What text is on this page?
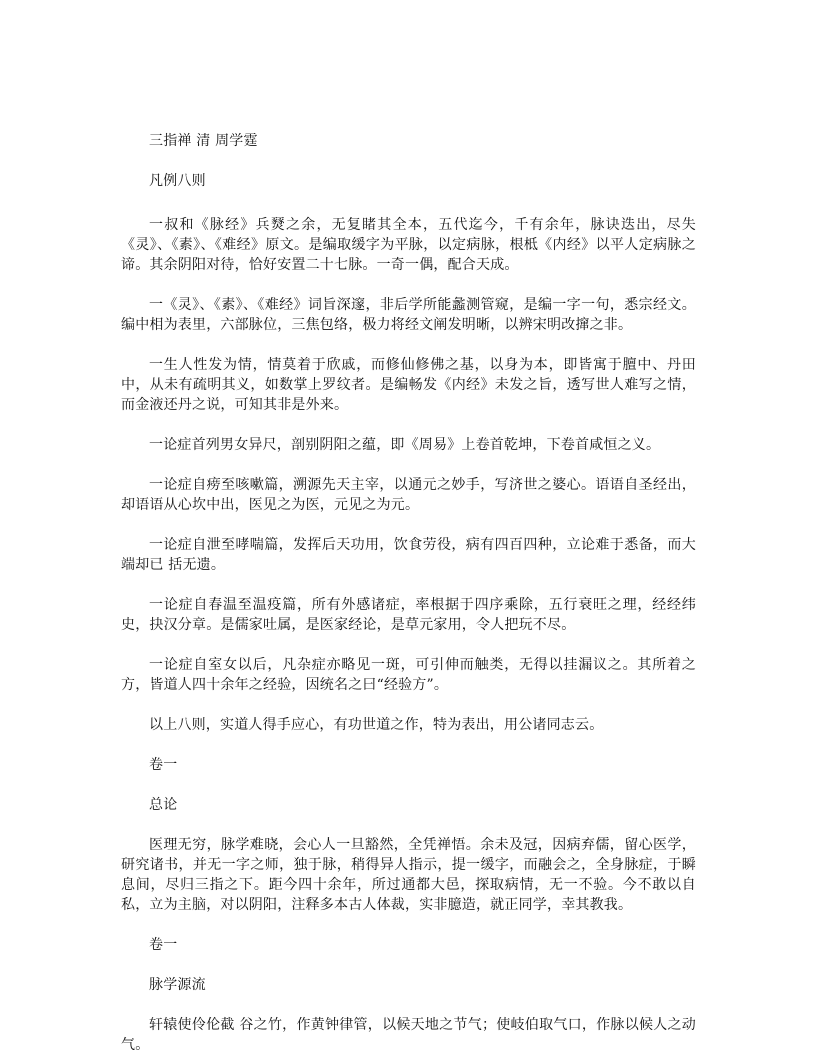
三指禅 清 周学霆

凡例八则

一叔和《脉经》兵燹之余，无复睹其全本，五代迄今，千有余年，脉诀迭出，尽失《灵》、《素》、《难经》原文。是编取缓字为平脉，以定病脉，根柢《内经》以平人定病脉之谛。其余阴阳对待，恰好安置二十七脉。一奇一偶，配合天成。

一《灵》、《素》、《难经》词旨深邃，非后学所能蠡测管窥，是编一字一句，悉宗经文。编中相为表里，六部脉位，三焦包络，极力将经文阐发明晰，以辨宋明改撺之非。

一生人性发为情，情莫着于欣戚，而修仙修佛之基，以身为本，即皆寓于膻中、丹田中，从未有疏明其义，如数掌上罗纹者。是编畅发《内经》未发之旨，透写世人难写之情，而金液还丹之说，可知其非是外来。

一论症首列男女异尺，剖别阴阳之蕴，即《周易》上卷首乾坤，下卷首咸恒之义。

一论症自痨至咳嗽篇，溯源先天主宰，以通元之妙手，写济世之婆心。语语自圣经出，却语语从心坎中出，医见之为医，元见之为元。

一论症自泄至哮喘篇，发挥后天功用，饮食劳役，病有四百四种，立论难于悉备，而大端却已 括无遗。

一论症自春温至温疫篇，所有外感诸症，率根据于四序乘除，五行衰旺之理，经经纬史，抉汉分章。是儒家吐属，是医家经论，是草元家用，令人把玩不尽。

一论症自室女以后，凡杂症亦略见一斑，可引伸而触类，无得以挂漏议之。其所着之方，皆道人四十余年之经验，因统名之曰“经验方”。

以上八则，实道人得手应心，有功世道之作，特为表出，用公诸同志云。

卷一

总论

医理无穷，脉学难晓，会心人一旦豁然，全凭禅悟。余未及冠，因病弃儒，留心医学，研究诸书，并无一字之师，独于脉，稍得异人指示，提一缓字，而融会之，全身脉症，于瞬息间，尽归三指之下。距今四十余年，所过通都大邑，探取病情，无一不验。今不敢以自私，立为主脑，对以阴阳，注释多本古人体裁，实非臆造，就正同学，幸其教我。

卷一

脉学源流

轩辕使伶伦截 谷之竹，作黄钟律管，以候天地之节气；使岐伯取气口，作脉以候人之动气。
